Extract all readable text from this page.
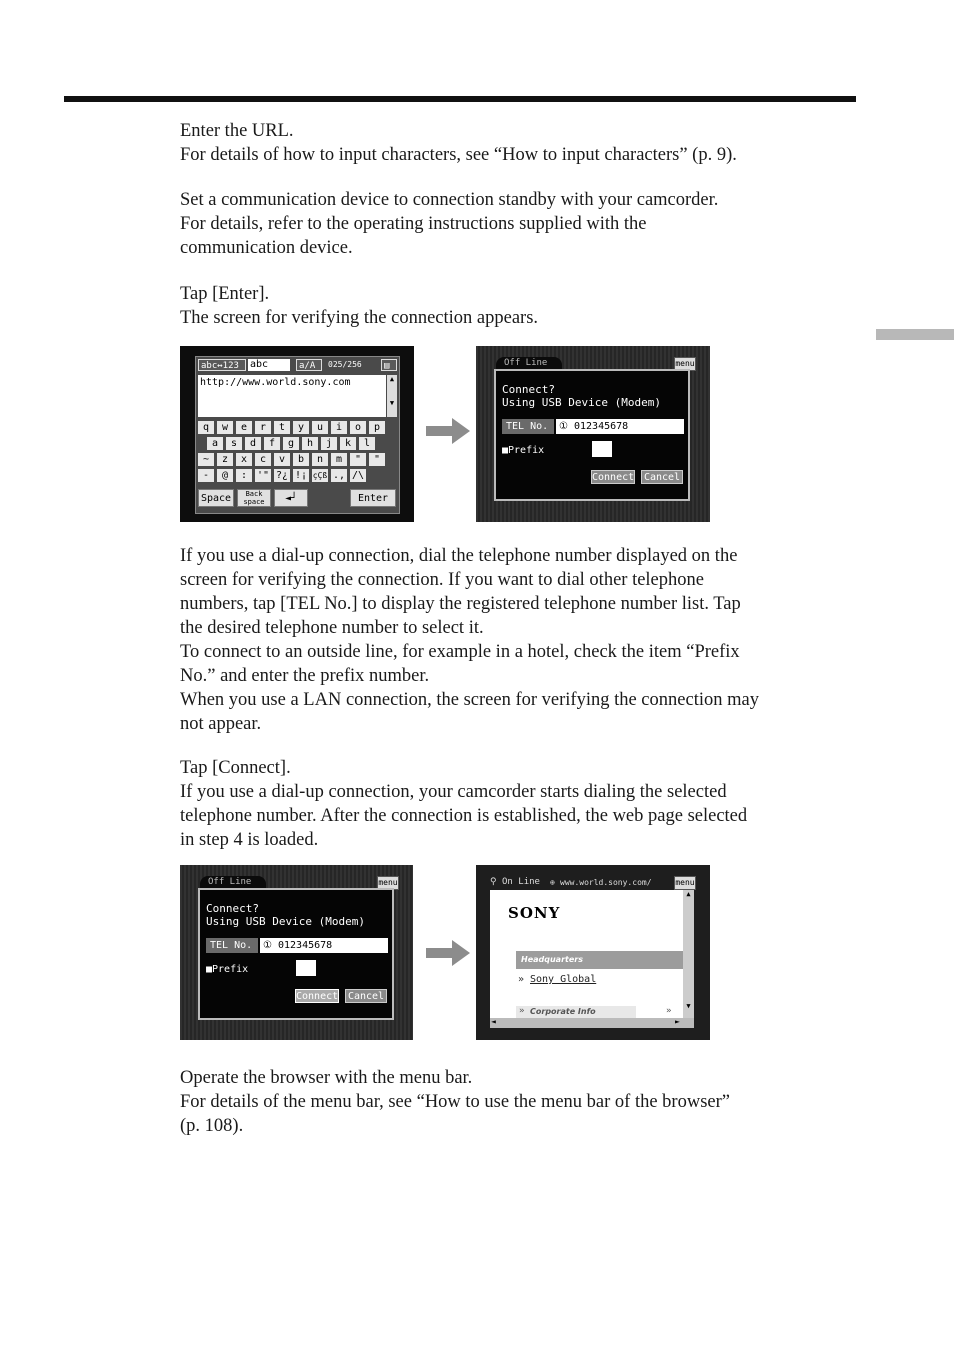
Enter the URL.
For details of how to input characters, see “How to input characters” (p. 9).
Set a communication device to connection standby with your camcorder.
For details, refer to the operating instructions supplied with the
communication device.
Tap [Enter].
The screen for verifying the connection appears.
abc↔123	abc	a/A	025/256	▤
http://www.world.sony.com	▲
▼
q	w	e	r	t	y	u	i	o	p
a	s	d	f	g	h	j	k	l
~	z	x	c	v	b	n	m	"	"
-	@	: '" ?¿ !¡ çÇß ., /\
Space	Back space	◄┘	Enter
Off Line	menu
Connect?
Using USB Device (Modem)
TEL No.	① 012345678
■Prefix
Connect Cancel
If you use a dial-up connection, dial the telephone number displayed on the
screen for verifying the connection. If you want to dial other telephone
numbers, tap [TEL No.] to display the registered telephone number list. Tap
the desired telephone number to select it.
To connect to an outside line, for example in a hotel, check the item “Prefix
No.” and enter the prefix number.
When you use a LAN connection, the screen for verifying the connection may
not appear.
Tap [Connect].
If you use a dial-up connection, your camcorder starts dialing the selected
telephone number. After the connection is established, the web page selected
in step 4 is loaded.
Off Line	menu
Connect?
Using USB Device (Modem)
TEL No.	① 012345678
■Prefix
Connect Cancel
⚲ On Line ⊕ www.world.sony.com/	menu
SONY
Headquarters
» Sony Global
Corporate Info
»	»
▲
▼
◄	►
Operate the browser with the menu bar.
For details of the menu bar, see “How to use the menu bar of the browser”
(p. 108).
